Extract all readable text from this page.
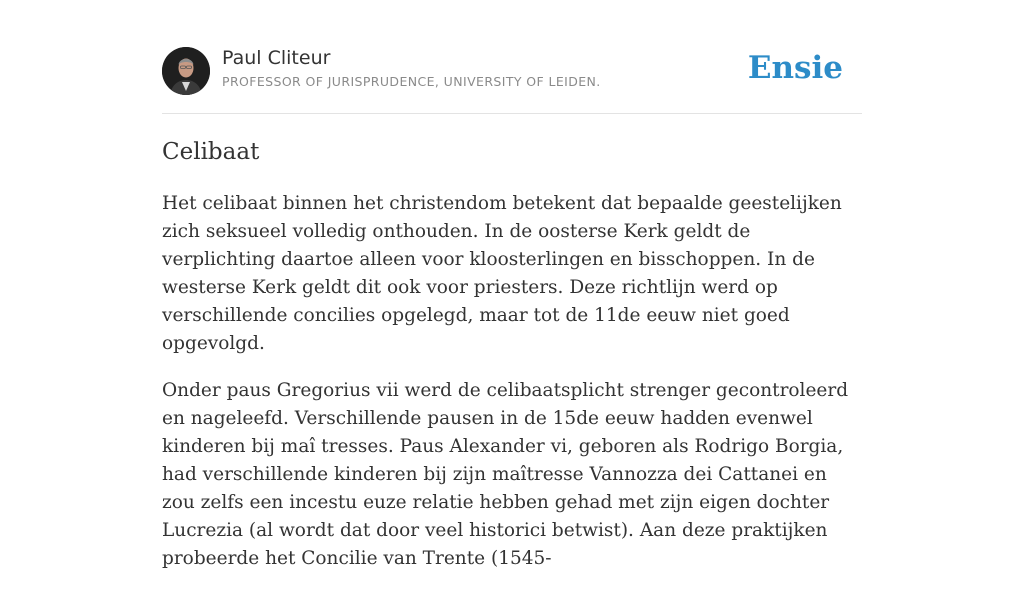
Paul Cliteur
PROFESSOR OF JURISPRUDENCE, UNIVERSITY OF LEIDEN.	Ensie
Celibaat

Het celibaat binnen het christendom betekent dat bepaalde geestelijken zich seksueel volledig onthouden. In de oosterse Kerk geldt de verplichting daartoe alleen voor kloosterlingen en bisschoppen. In de westerse Kerk geldt dit ook voor priesters. Deze richtlijn werd op verschillende concilies opgelegd, maar tot de 11de eeuw niet goed opgevolgd.

Onder paus Gregorius vii werd de celibaatsplicht strenger gecontroleerd en nageleefd. Verschillende pausen in de 15de eeuw hadden evenwel kinderen bij maî tresses. Paus Alexander vi, geboren als Rodrigo Borgia, had verschillende kinderen bij zijn maîtresse Vannozza dei Cattanei en zou zelfs een incestu euze relatie hebben gehad met zijn eigen dochter Lucrezia (al wordt dat door veel historici betwist). Aan deze praktijken probeerde het Concilie van Trente (1545-
